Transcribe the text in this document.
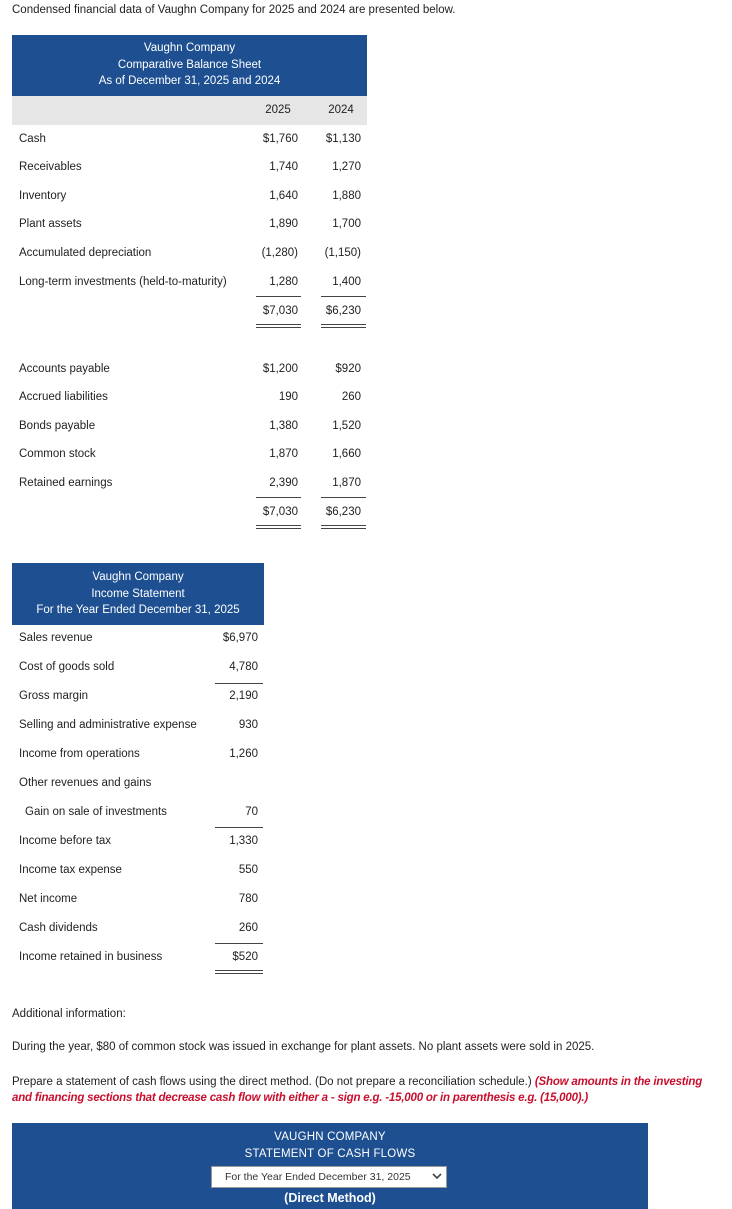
Condensed financial data of Vaughn Company for 2025 and 2024 are presented below.
Vaughn Company
Comparative Balance Sheet
As of December 31, 2025 and 2024
2025	2024
Cash	$1,760	$1,130
Receivables	1,740	1,270
Inventory	1,640	1,880
Plant assets	1,890	1,700
Accumulated depreciation	(1,280)	(1,150)
Long-term investments (held-to-maturity)	1,280	1,400
$7,030	$6,230
Accounts payable	$1,200	$920
Accrued liabilities	190	260
Bonds payable	1,380	1,520
Common stock	1,870	1,660
Retained earnings	2,390	1,870
$7,030	$6,230
Vaughn Company
Income Statement
For the Year Ended December 31, 2025
Sales revenue	$6,970
Cost of goods sold	4,780
Gross margin	2,190
Selling and administrative expense	930
Income from operations	1,260
Other revenues and gains
Gain on sale of investments	70
Income before tax	1,330
Income tax expense	550
Net income	780
Cash dividends	260
Income retained in business	$520
Additional information:
During the year, $80 of common stock was issued in exchange for plant assets. No plant assets were sold in 2025.
Prepare a statement of cash flows using the direct method. (Do not prepare a reconciliation schedule.) (Show amounts in the investing and financing sections that decrease cash flow with either a - sign e.g. -15,000 or in parenthesis e.g. (15,000).)
VAUGHN COMPANY
STATEMENT OF CASH FLOWS
For the Year Ended December 31, 2025
(Direct Method)
